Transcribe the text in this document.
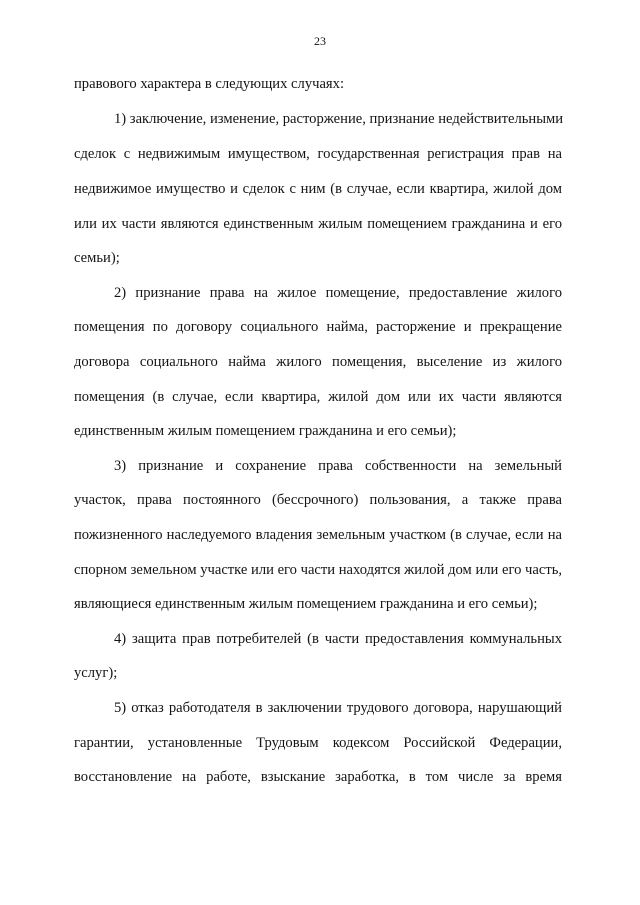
23
правового характера в следующих случаях:
1) заключение, изменение, расторжение, признание недействительными
сделок с недвижимым имуществом, государственная регистрация прав на
недвижимое имущество и сделок с ним (в случае, если квартира, жилой дом
или их части являются единственным жилым помещением гражданина и его
семьи);
2) признание права на жилое помещение, предоставление жилого
помещения по договору социального найма, расторжение и прекращение
договора социального найма жилого помещения, выселение из жилого
помещения (в случае, если квартира, жилой дом или их части являются
единственным жилым помещением гражданина и его семьи);
3) признание и сохранение права собственности на земельный
участок, права постоянного (бессрочного) пользования, а также права
пожизненного наследуемого владения земельным участком (в случае, если на
спорном земельном участке или его части находятся жилой дом или его часть,
являющиеся единственным жилым помещением гражданина и его семьи);
4) защита прав потребителей (в части предоставления коммунальных
услуг);
5) отказ работодателя в заключении трудового договора, нарушающий
гарантии, установленные Трудовым кодексом Российской Федерации,
восстановление на работе, взыскание заработка, в том числе за время
